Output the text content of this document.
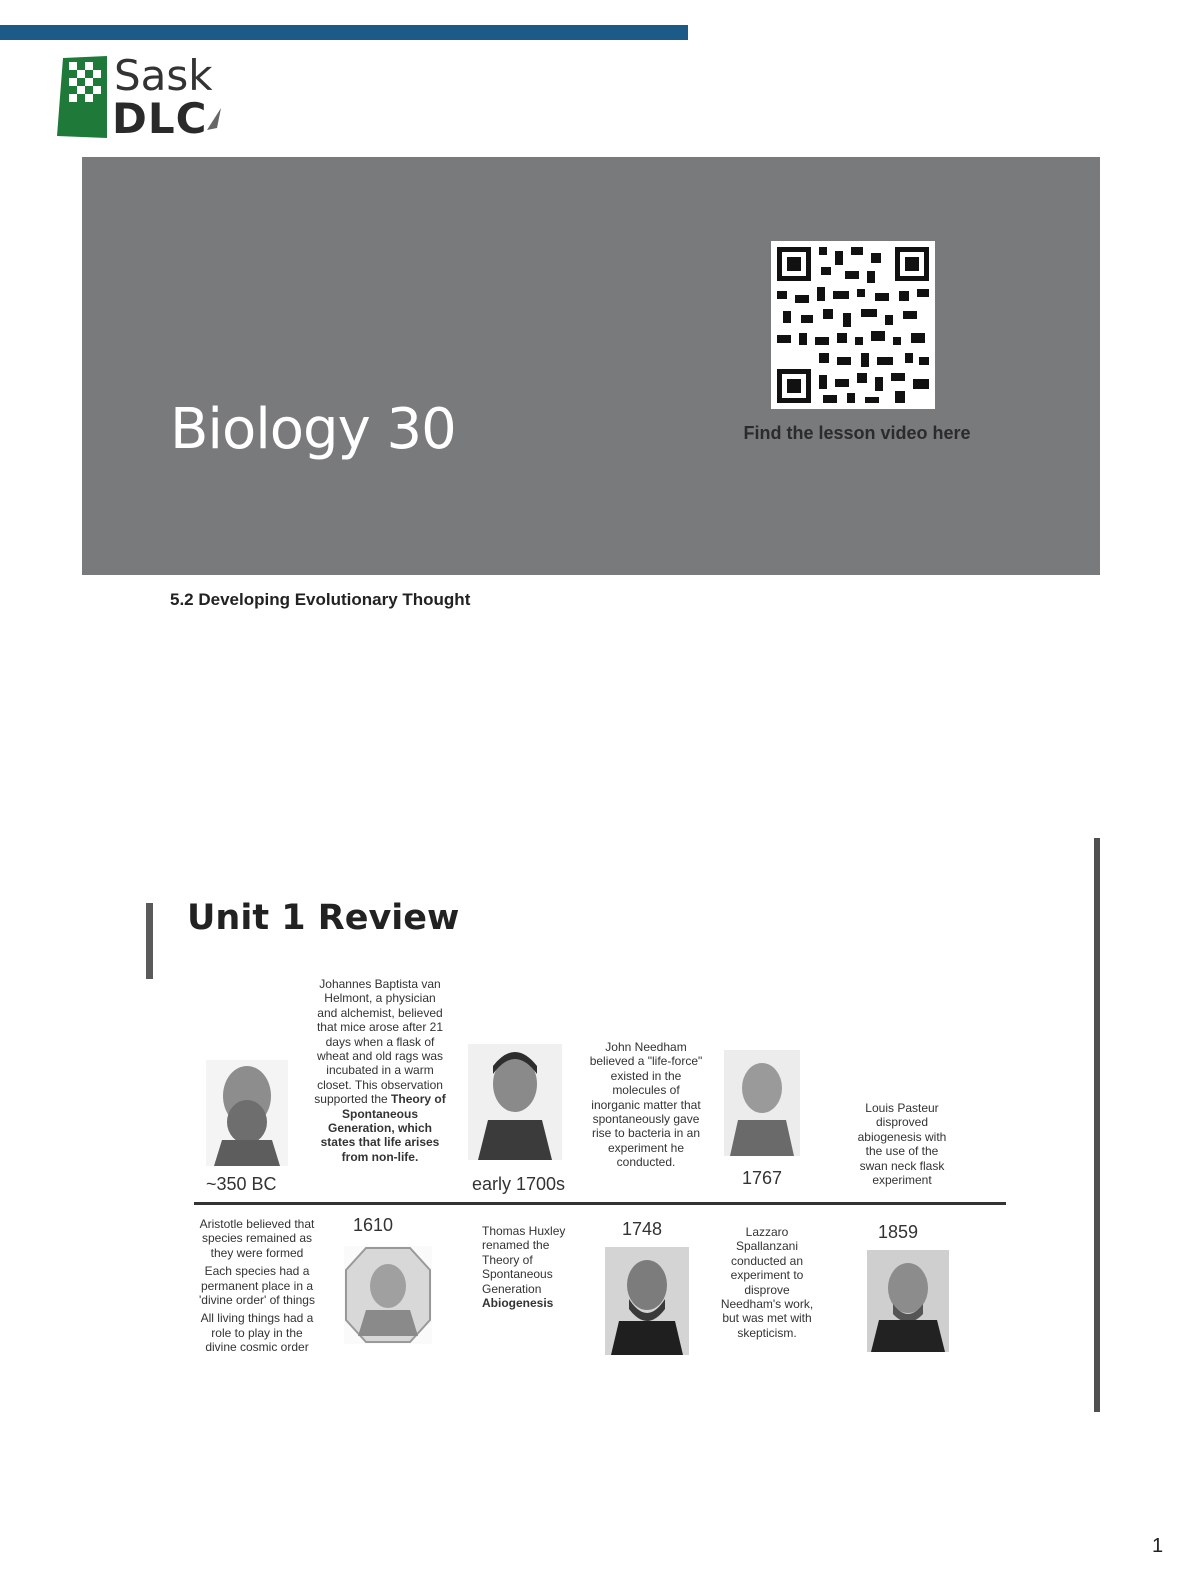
Sask
DLC
Biology 30	Find the lesson video here
5.2 Developing Evolutionary Thought
Unit 1 Review
Johannes Baptista van Helmont, a physician and alchemist, believed that mice arose after 21 days when a flask of wheat and old rags was incubated in a warm closet. This observation supported the Theory of Spontaneous Generation, which states that life arises from non-life.
John Needham believed a "life-force" existed in the molecules of inorganic matter that spontaneously gave rise to bacteria in an experiment he conducted.
Louis Pasteur disproved abiogenesis with the use of the swan neck flask experiment
~350 BC	early 1700s	1767
1610	1748	1859
Aristotle believed that species remained as they were formed
Each species had a permanent place in a 'divine order' of things
All living things had a role to play in the divine cosmic order
Thomas Huxley renamed the Theory of Spontaneous Generation Abiogenesis
Lazzaro Spallanzani conducted an experiment to disprove Needham's work, but was met with skepticism.
1
